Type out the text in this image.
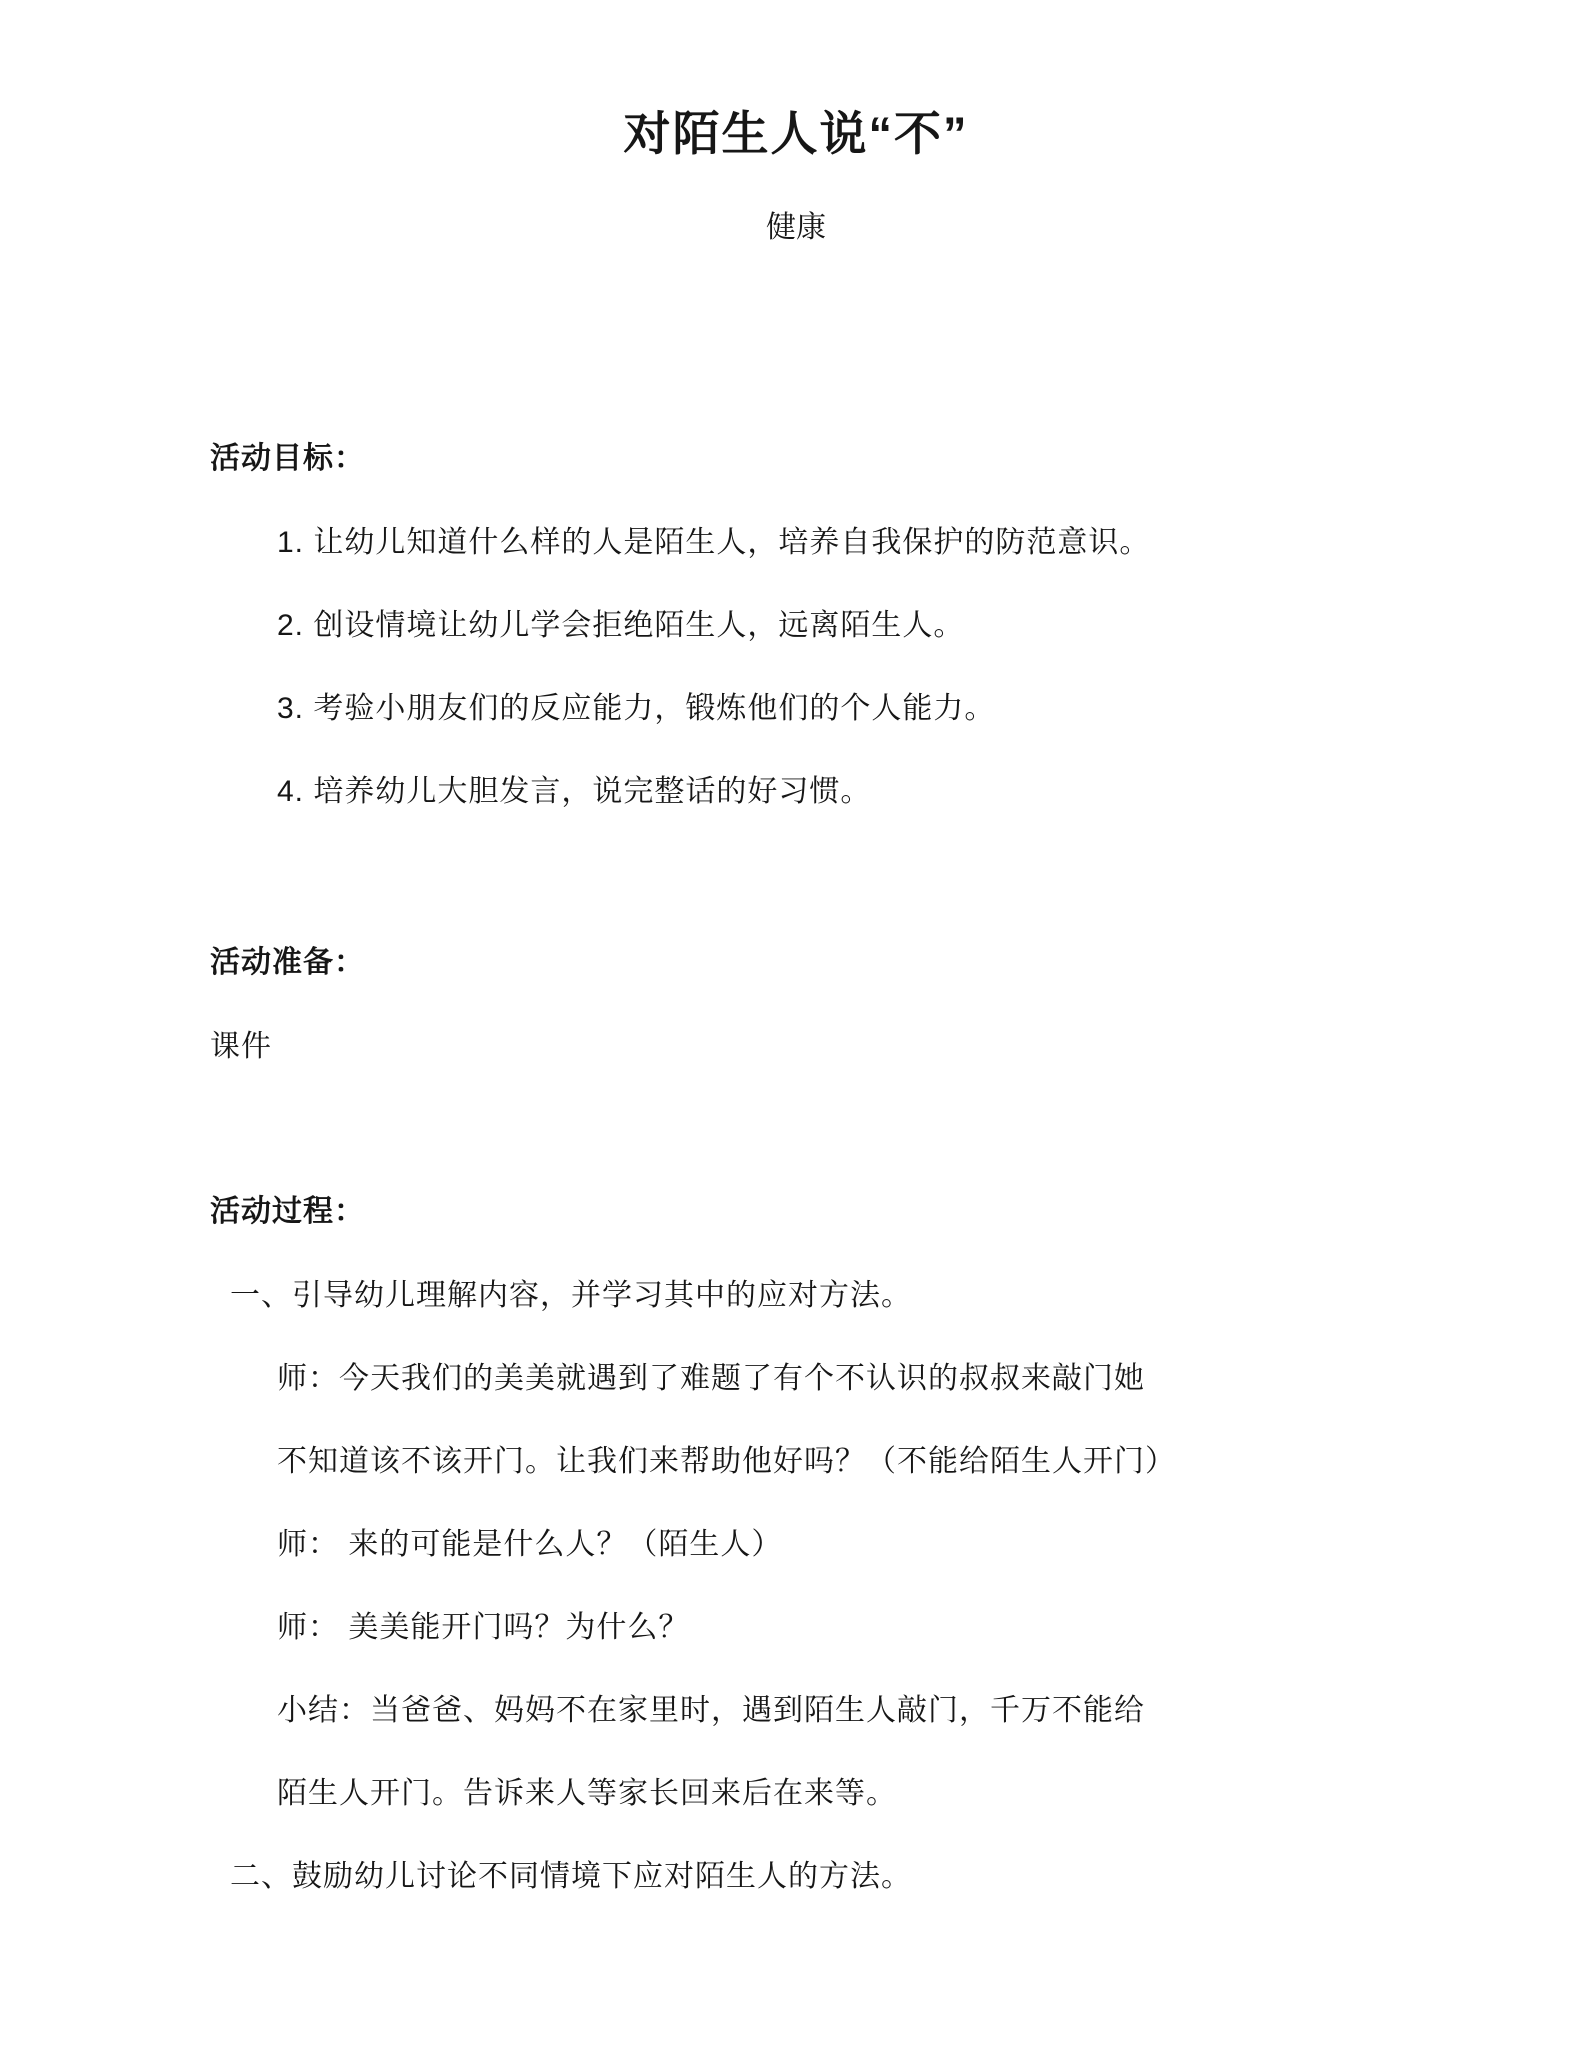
对陌生人说“不”
健康
活动目标：
1. 让幼儿知道什么样的人是陌生人，培养自我保护的防范意识。
2. 创设情境让幼儿学会拒绝陌生人，远离陌生人。
3. 考验小朋友们的反应能力，锻炼他们的个人能力。
4. 培养幼儿大胆发言，说完整话的好习惯。
活动准备：
课件
活动过程：
一、引导幼儿理解内容，并学习其中的应对方法。
师：今天我们的美美就遇到了难题了有个不认识的叔叔来敲门她
不知道该不该开门。让我们来帮助他好吗？（不能给陌生人开门）
师： 来的可能是什么人？（陌生人）
师： 美美能开门吗？为什么？
小结：当爸爸、妈妈不在家里时，遇到陌生人敲门，千万不能给
陌生人开门。告诉来人等家长回来后在来等。
二、鼓励幼儿讨论不同情境下应对陌生人的方法。
